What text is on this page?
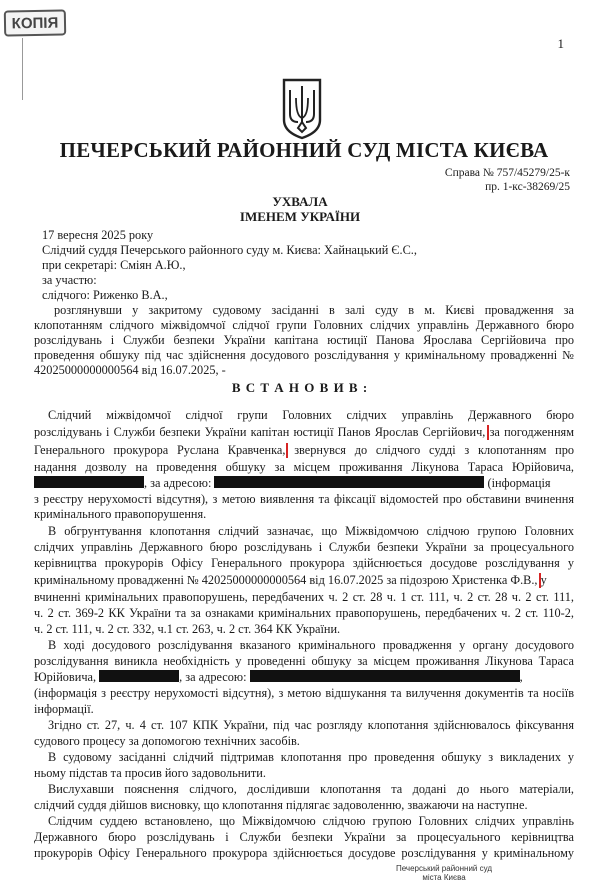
КОПІЯ
1
ПЕЧЕРСЬКИЙ РАЙОННИЙ СУД МІСТА КИЄВА
Справа № 757/45279/25-к
пр. 1-кс-38269/25
УХВАЛА
ІМЕНЕМ УКРАЇНИ
17 вересня 2025 року
Слідчий суддя Печерського районного суду м. Києва: Хайнацький Є.С.,
при секретарі: Сміян А.Ю.,
за участю:
слідчого: Риженко В.А.,
розглянувши у закритому судовому засіданні в залі суду в м. Києві провадження за
клопотанням слідчого міжвідомчої слідчої групи Головних слідчих управлінь Державного бюро
розслідувань і Служби безпеки України капітана юстиції Панова Ярослава Сергійовича про
проведення обшуку під час здійснення досудового розслідування у кримінальному провадженні №
42025000000000564 від 16.07.2025, -
В С Т А Н О В И В :
Слідчий міжвідомчої слідчої групи Головних слідчих управлінь Державного бюро
розслідувань і Служби безпеки України капітан юстиції Панов Ярослав Сергійович, за погодженням
Генерального прокурора Руслана Кравченка, звернувся до слідчого судді з клопотанням про
надання дозволу на проведення обшуку за місцем проживання Лікунова Тараса Юрійовича,
, за адресою:	(інформація
з реєстру нерухомості відсутня), з метою виявлення та фіксації відомостей про обставини вчинення
кримінального правопорушення.
В обгрунтування клопотання слідчий зазначає, що Міжвідомчою слідчою групою Головних
слідчих управлінь Державного бюро розслідувань і Служби безпеки України за процесуального
керівництва прокурорів Офісу Генерального прокурора здійснюється досудове розслідування у
кримінальному провадженні № 42025000000000564 від 16.07.2025 за підозрою Христенка Ф.В., у
вчиненні кримінальних правопорушень, передбачених ч. 2 ст. 28 ч. 1 ст. 111, ч. 2 ст. 28 ч. 2 ст. 111,
ч. 2 ст. 369-2 КК України та за ознаками кримінальних правопорушень, передбачених ч. 2 ст. 110-2,
ч. 2 ст. 111, ч. 2 ст. 332, ч.1 ст. 263, ч. 2 ст. 364 КК України.
В ході досудового розслідування вказаного кримінального провадження у органу досудового
розслідування виникла необхідність у проведенні обшуку за місцем проживання Лікунова Тараса
Юрійовича,	, за адресою:	,
(інформація з реєстру нерухомості відсутня), з метою відшукання та вилучення документів та носіїв
інформації.
Згідно ст. 27, ч. 4 ст. 107 КПК України, під час розгляду клопотання здійснювалось фіксування
судового процесу за допомогою технічних засобів.
В судовому засіданні слідчий підтримав клопотання про проведення обшуку з викладених у
ньому підстав та просив його задовольнити.
Вислухавши пояснення слідчого, дослідивши клопотання та додані до нього матеріали,
слідчий суддя дійшов висновку, що клопотання підлягає задоволенню, зважаючи на наступне.
Слідчим суддею встановлено, що Міжвідомчою слідчою групою Головних слідчих управлінь
Державного бюро розслідувань і Служби безпеки України за процесуального керівництва
прокурорів Офісу Генерального прокурора здійснюється досудове розслідування у кримінальному
Печерський районний суд
міста Києва
